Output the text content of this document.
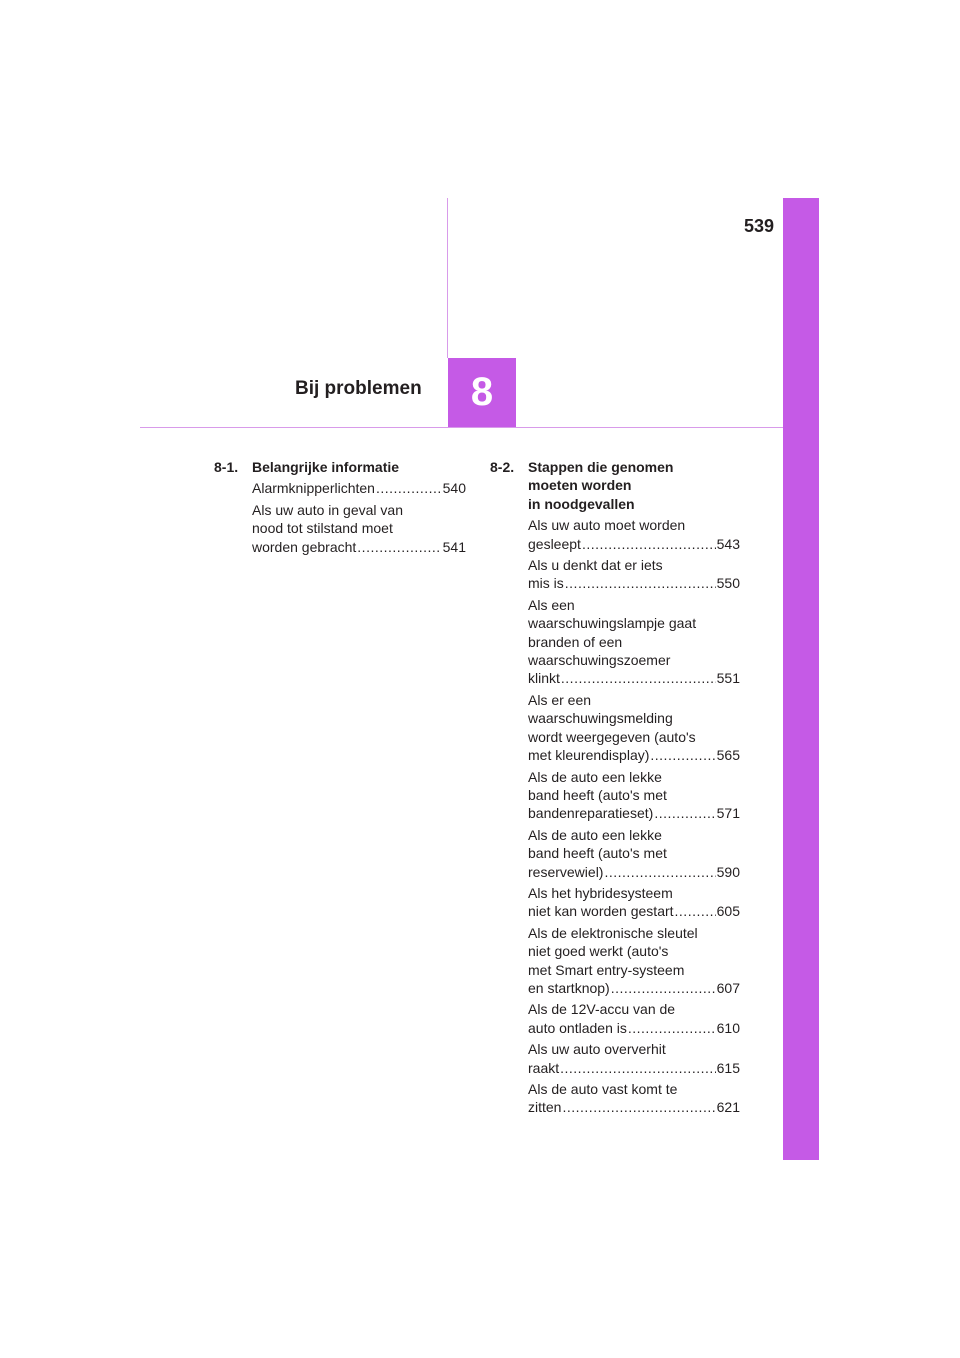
539
Bij problemen 8
8-1. Belangrijke informatie
Alarmknipperlichten .....	540
Als uw auto in geval van
nood tot stilstand moet
worden gebracht .....	541
8-2. Stappen die genomen
moeten worden
in noodgevallen
Als uw auto moet worden
gesleept .....	543
Als u denkt dat er iets
mis is .....	550
Als een
waarschuwingslampje gaat
branden of een
waarschuwingszoemer
klinkt .....	551
Als er een
waarschuwingsmelding
wordt weergegeven (auto's
met kleurendisplay) .....	565
Als de auto een lekke
band heeft (auto's met
bandenreparatieset) .....	571
Als de auto een lekke
band heeft (auto's met
reservewiel) .....	590
Als het hybridesysteem
niet kan worden gestart .....	605
Als de elektronische sleutel
niet goed werkt (auto's
met Smart entry-systeem
en startknop) .....	607
Als de 12V-accu van de
auto ontladen is .....	610
Als uw auto oververhit
raakt .....	615
Als de auto vast komt te
zitten .....	621
